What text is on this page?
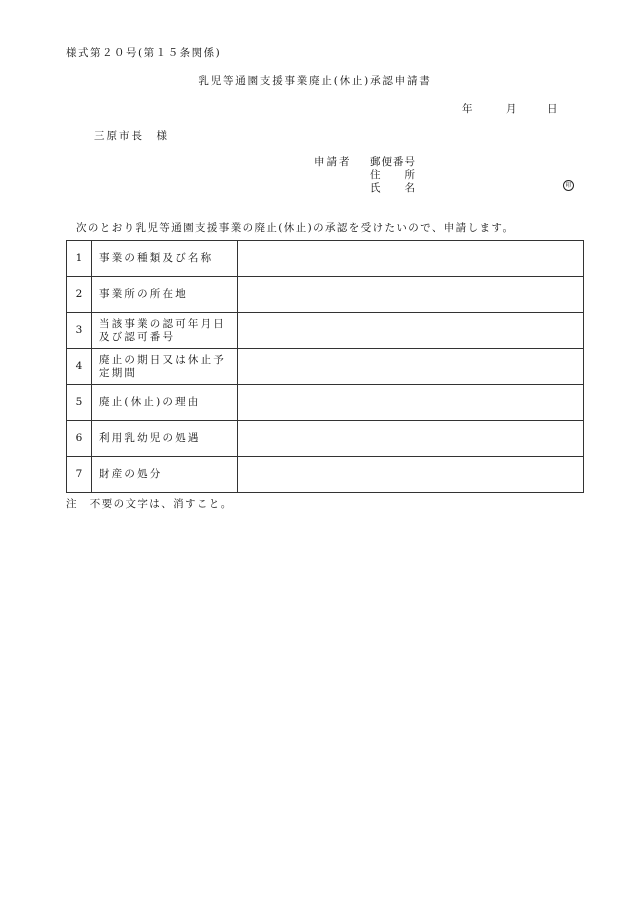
様式第２０号(第１５条関係)
乳児等通園支援事業廃止(休止)承認申請書
年	月	日
三原市長　様
申請者 郵便番号
住　　所
氏　　名	印
次のとおり乳児等通園支援事業の廃止(休止)の承認を受けたいので、申請します。
1	事業の種類及び名称	
2	事業所の所在地	
3	当該事業の認可年月日及び認可番号	
4	廃止の期日又は休止予定期間	
5	廃止(休止)の理由	
6	利用乳幼児の処遇	
7	財産の処分	
注　不要の文字は、消すこと。
